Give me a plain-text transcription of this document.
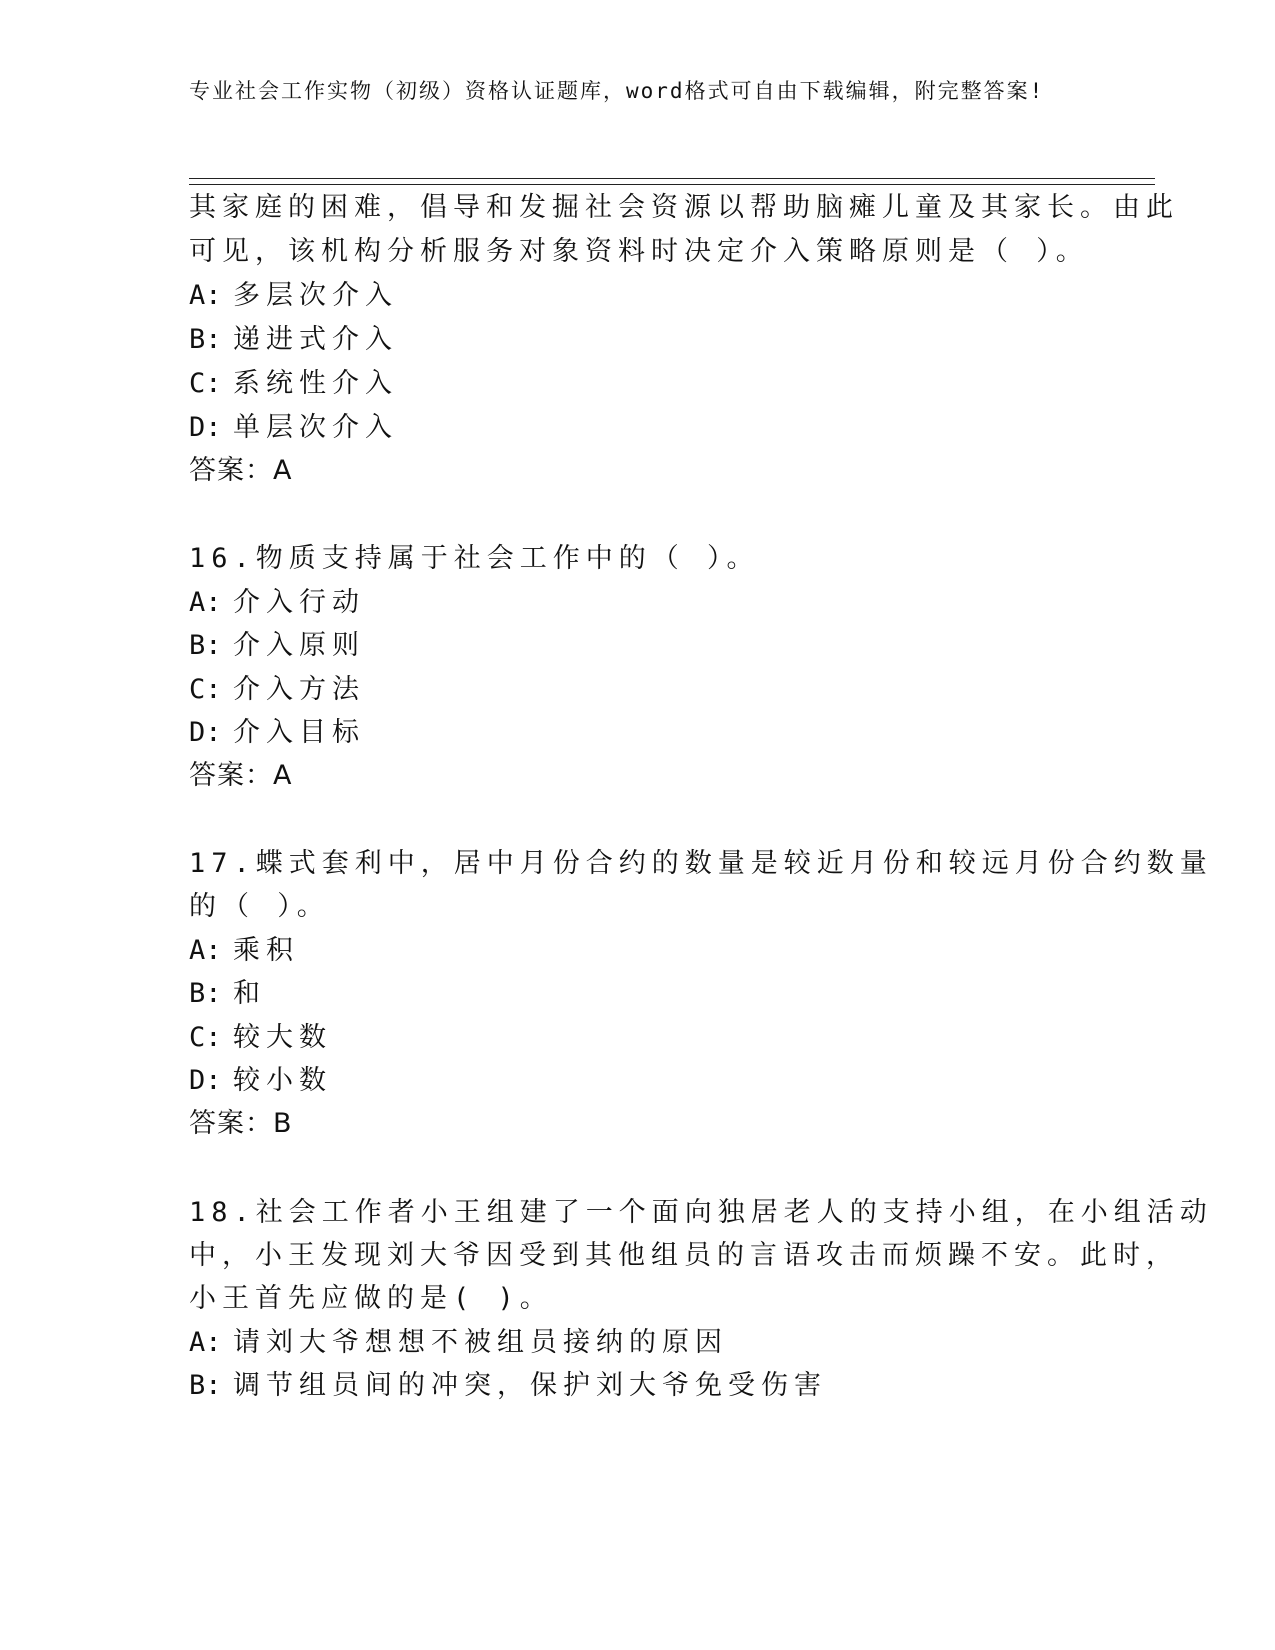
专业社会工作实物（初级）资格认证题库，word格式可自由下载编辑，附完整答案!
其家庭的困难，倡导和发掘社会资源以帮助脑瘫儿童及其家长。由此
可见，该机构分析服务对象资料时决定介入策略原则是（ ）。
A: 多层次介入
B: 递进式介入
C: 系统性介入
D: 单层次介入
答案：A
16.物质支持属于社会工作中的（ ）。
A: 介入行动
B: 介入原则
C: 介入方法
D: 介入目标
答案：A
17.蝶式套利中，居中月份合约的数量是较近月份和较远月份合约数量
的（ ）。
A: 乘积
B: 和
C: 较大数
D: 较小数
答案：B
18.社会工作者小王组建了一个面向独居老人的支持小组，在小组活动
中，小王发现刘大爷因受到其他组员的言语攻击而烦躁不安。此时，
小王首先应做的是( )。
A: 请刘大爷想想不被组员接纳的原因
B: 调节组员间的冲突，保护刘大爷免受伤害
